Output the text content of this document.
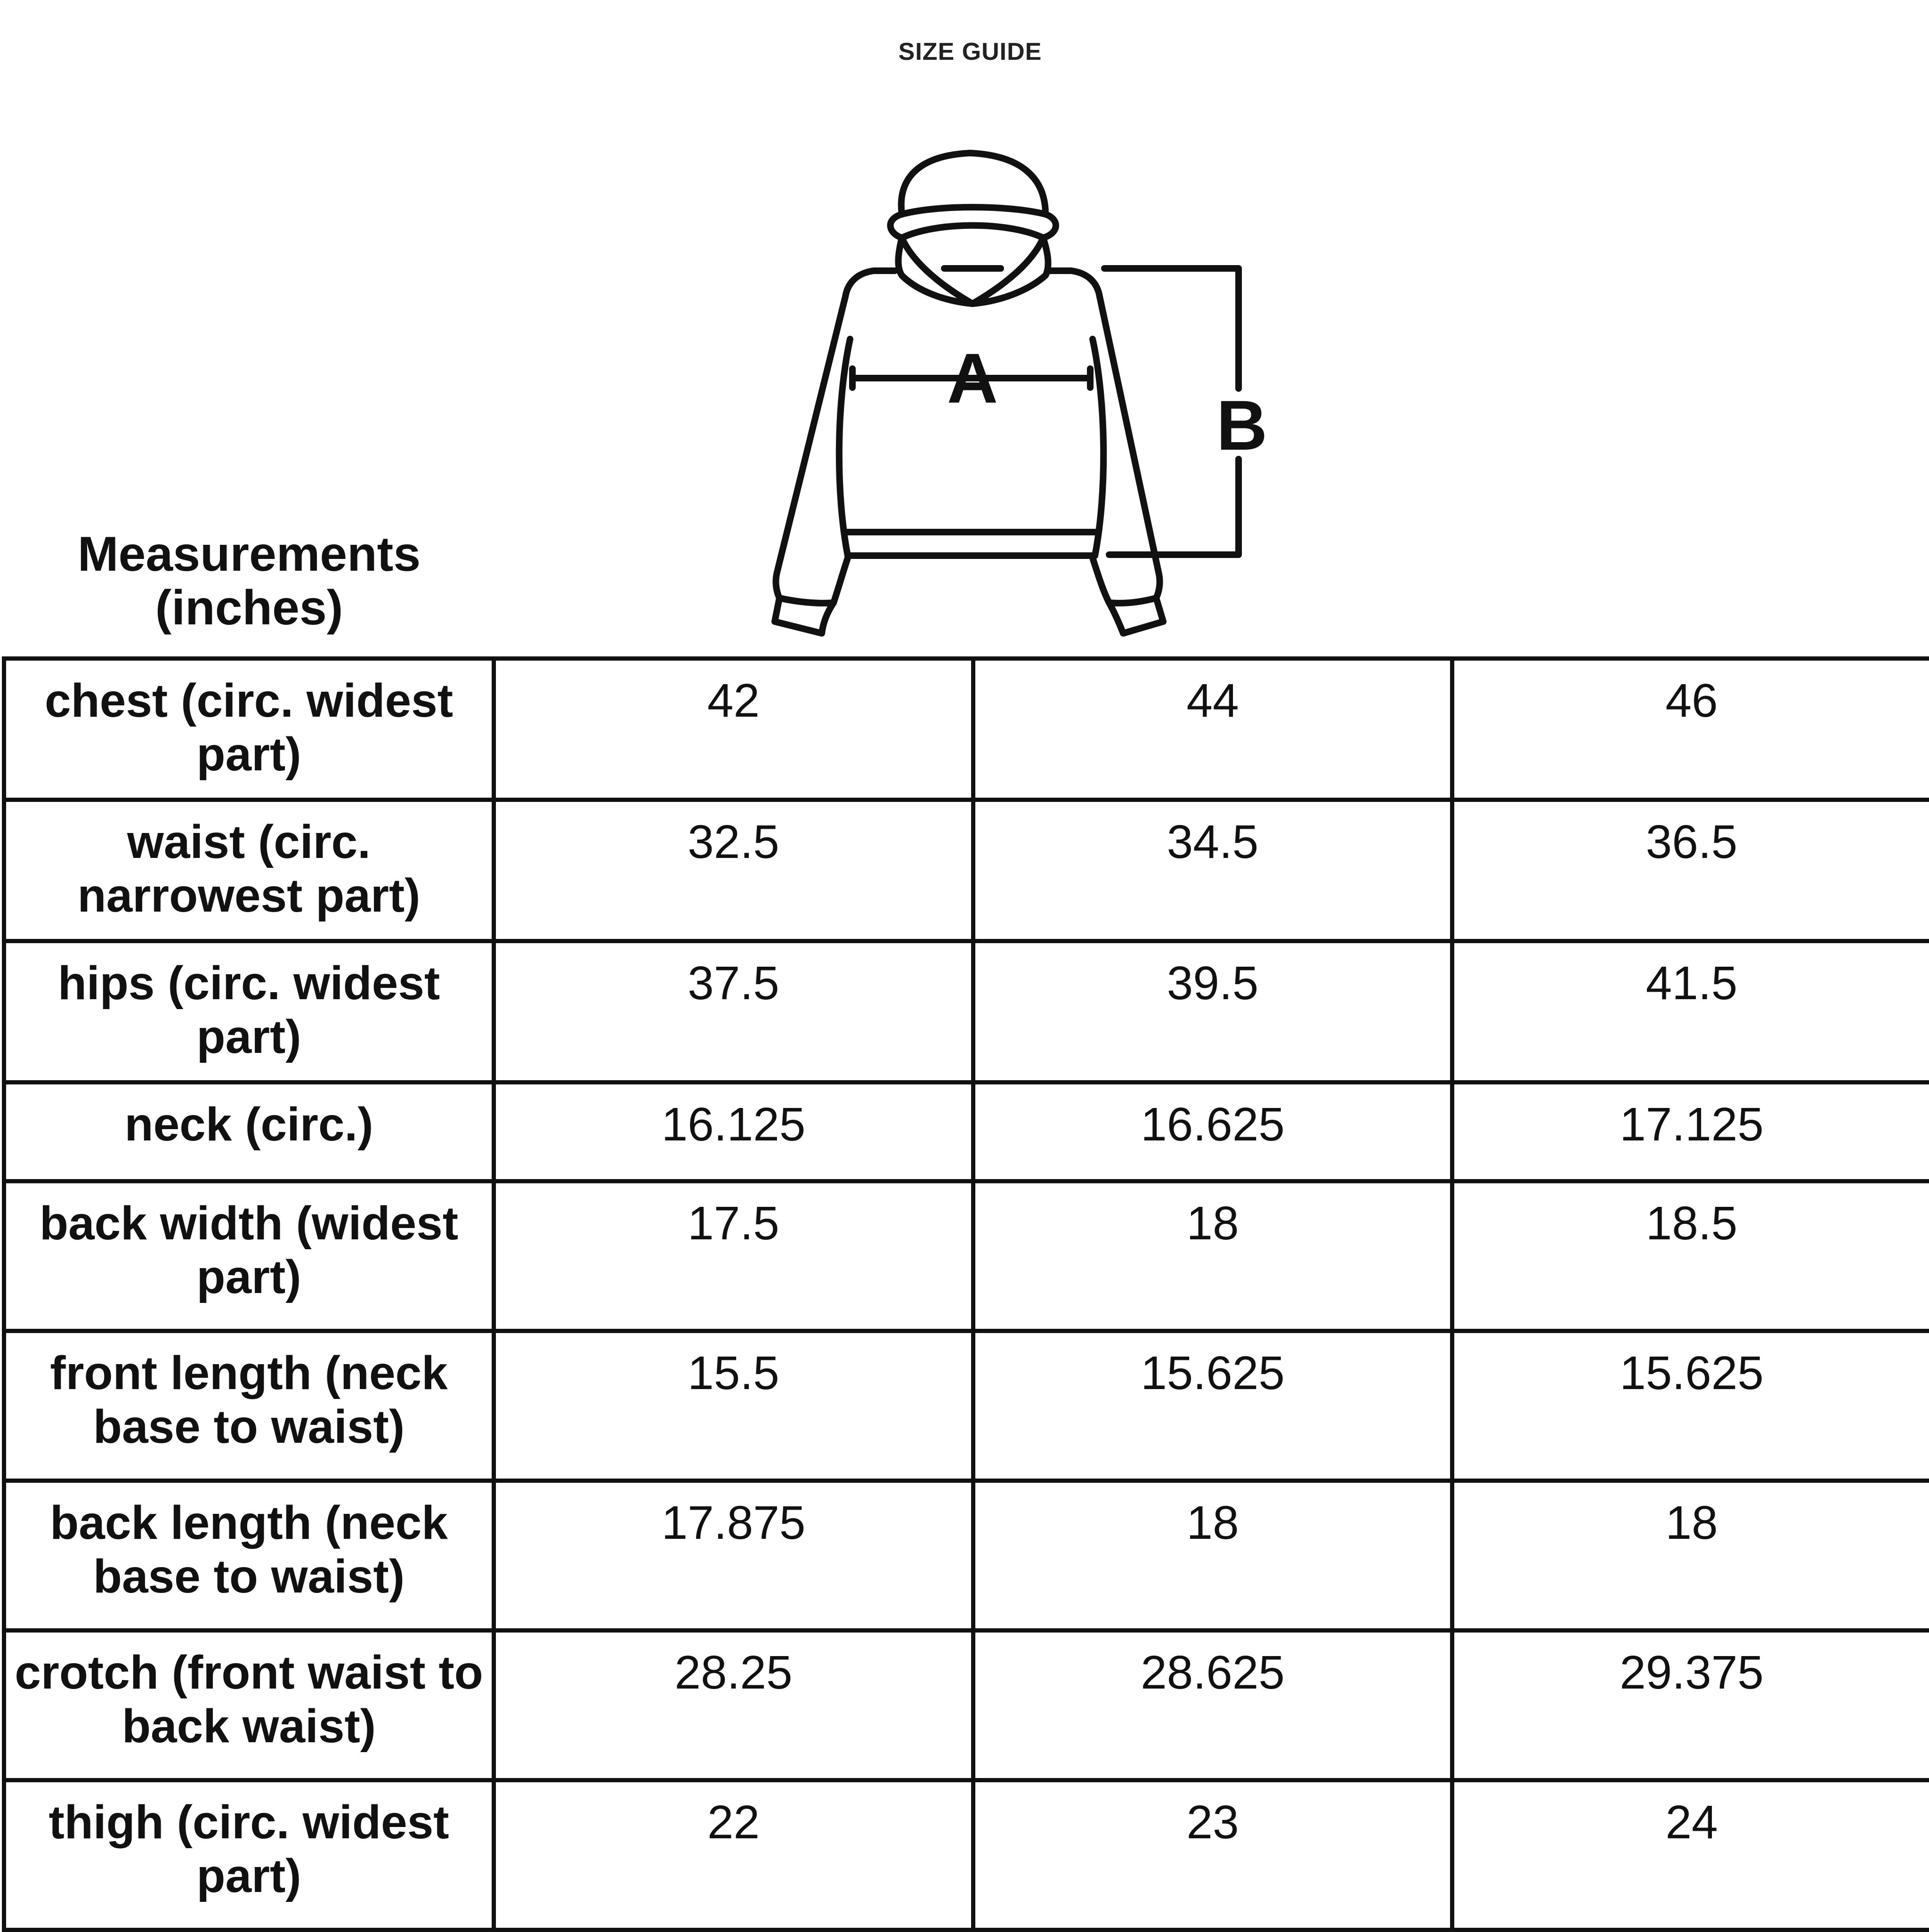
SIZE GUIDE
A
B
Measurements
(inches)
chest (circ. widest part)	42	44	46
waist (circ. narrowest part)	32.5	34.5	36.5
hips (circ. widest part)	37.5	39.5	41.5
neck (circ.)	16.125	16.625	17.125
back width (widest part)	17.5	18	18.5
front length (neck base to waist)	15.5	15.625	15.625
back length (neck base to waist)	17.875	18	18
crotch (front waist to back waist)	28.25	28.625	29.375
thigh (circ. widest part)	22	23	24
